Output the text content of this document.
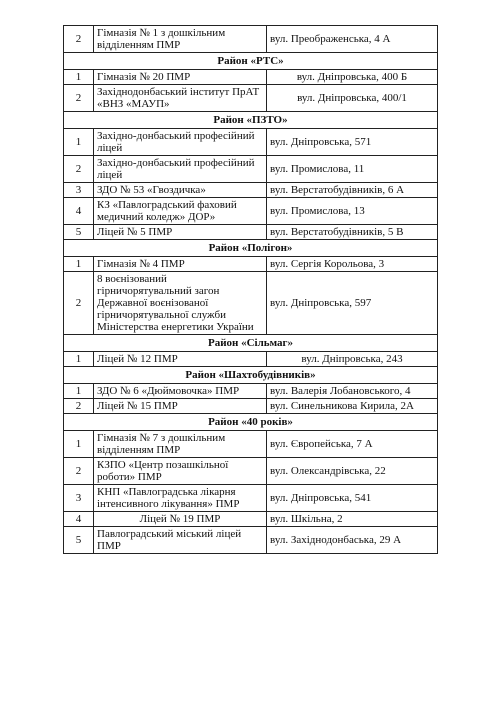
2	Гімназія № 1 з дошкільним відділенням ПМР	вул. Преображенська, 4 А
Район «РТС»		
1	Гімназія № 20 ПМР	вул. Дніпровська, 400 Б
2	Західнодонбаський інститут ПрАТ «ВНЗ «МАУП»	вул. Дніпровська, 400/1
Район «ПЗТО»		
1	Західно-донбаський професійний ліцей	вул. Дніпровська, 571
2	Західно-донбаський професійний ліцей	вул. Промислова, 11
3	ЗДО № 53 «Гвоздичка»	вул. Верстатобудівників, 6 А
4	КЗ «Павлоградський фаховий медичний коледж» ДОР»	вул. Промислова, 13
5	Ліцей № 5 ПМР	вул. Верстатобудівників, 5 В
Район «Полігон»		
1	Гімназія № 4 ПМР	вул. Сергія Корольова, 3
2	8 воєнізований гірничорятувальний загон Державної воєнізованої гірничорятувальної служби Міністерства енергетики України	вул. Дніпровська, 597
Район «Сільмаг»		
1	Ліцей № 12 ПМР	вул. Дніпровська, 243
Район «Шахтобудівників»		
1	ЗДО № 6 «Дюймовочка» ПМР	вул. Валерія Лобановського, 4
2	Ліцей № 15 ПМР	вул. Синельникова Кирила, 2А
Район «40 років»		
1	Гімназія № 7 з дошкільним відділенням ПМР	вул. Європейська, 7 А
2	КЗПО «Центр позашкільної роботи» ПМР	вул. Олександрівська, 22
3	КНП «Павлоградська лікарня інтенсивного лікування» ПМР	вул. Дніпровська, 541
4	Ліцей № 19 ПМР	вул. Шкільна, 2
5	Павлоградський міський ліцей ПМР	вул. Західнодонбаська, 29 А
